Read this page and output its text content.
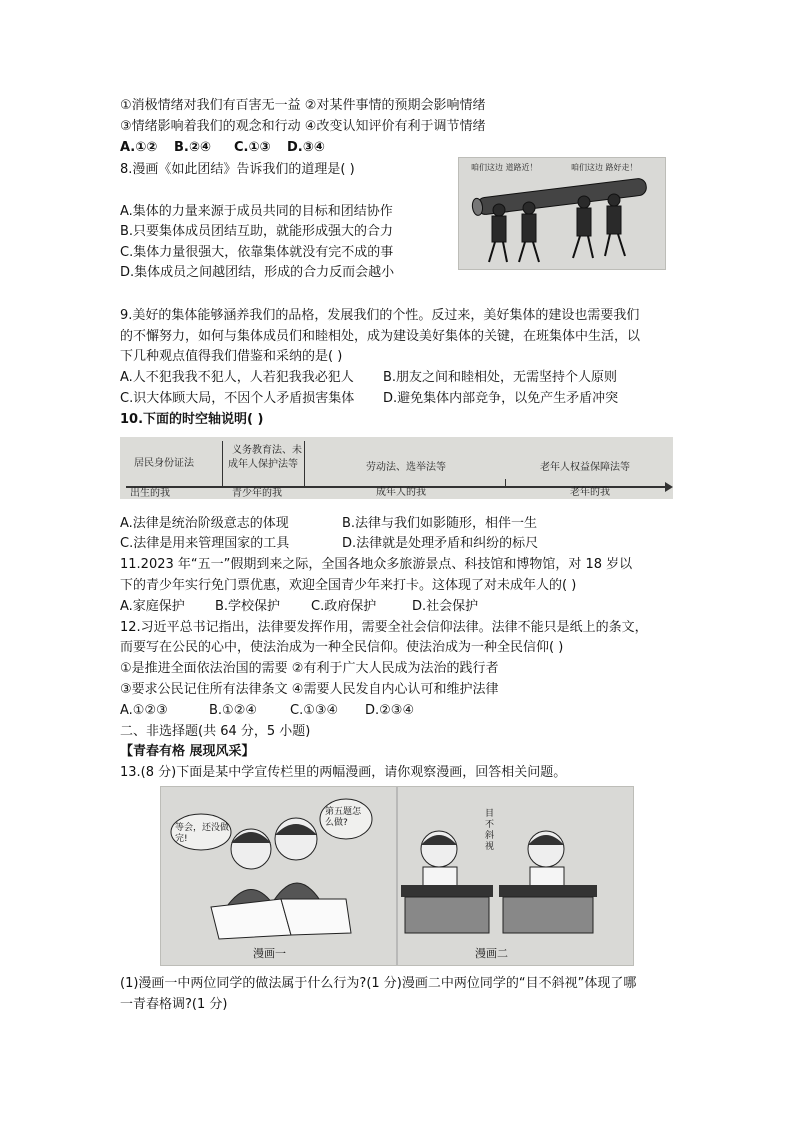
①消极情绪对我们有百害无一益 ②对某件事情的预期会影响情绪
③情绪影响着我们的观念和行动 ④改变认知评价有利于调节情绪
A.①② B.②④ C.①③ D.③④
8.漫画《如此团结》告诉我们的道理是( )
A.集体的力量来源于成员共同的目标和团结协作
B.只要集体成员团结互助，就能形成强大的合力
C.集体力量很强大，依靠集体就没有完不成的事
D.集体成员之间越团结，形成的合力反而会越小
咱们这边 道路近！	咱们这边 路好走！
9.美好的集体能够涵养我们的品格，发展我们的个性。反过来，美好集体的建设也需要我们
的不懈努力，如何与集体成员们和睦相处，成为建设美好集体的关键，在班集体中生活，以
下几种观点值得我们借鉴和采纳的是( )
A.人不犯我我不犯人，人若犯我我必犯人 B.朋友之间和睦相处，无需坚持个人原则
C.识大体顾大局，不因个人矛盾损害集体 D.避免集体内部竞争，以免产生矛盾冲突
10.下面的时空轴说明( )
居民身份证法
义务教育法、未
成年人保护法等	劳动法、选举法等	老年人权益保障法等
出生的我	青少年的我	成年人的我	老年的我
A.法律是统治阶级意志的体现	B.法律与我们如影随形，相伴一生
C.法律是用来管理国家的工具	D.法律就是处理矛盾和纠纷的标尺
11.2023 年“五一”假期到来之际，全国各地众多旅游景点、科技馆和博物馆，对 18 岁以
下的青少年实行免门票优惠，欢迎全国青少年来打卡。这体现了对未成年人的( )
A.家庭保护 B.学校保护 C.政府保护	D.社会保护
12.习近平总书记指出，法律要发挥作用，需要全社会信仰法律。法律不能只是纸上的条文，
而要写在公民的心中，使法治成为一种全民信仰。使法治成为一种全民信仰( )
①是推进全面依法治国的需要 ②有利于广大人民成为法治的践行者
③要求公民记住所有法律条文 ④需要人民发自内心认可和维护法律
A.①②③	B.①②④	C.①③④ D.②③④
二、非选择题(共 64 分，5 小题)
【青春有格 展现风采】
13.(8 分)下面是某中学宣传栏里的两幅漫画，请你观察漫画，回答相关问题。
等会，还没做完!
第五题怎么做?
目不斜视
漫画一	漫画二
(1)漫画一中两位同学的做法属于什么行为?(1 分)漫画二中两位同学的“目不斜视”体现了哪
一青春格调?(1 分)
